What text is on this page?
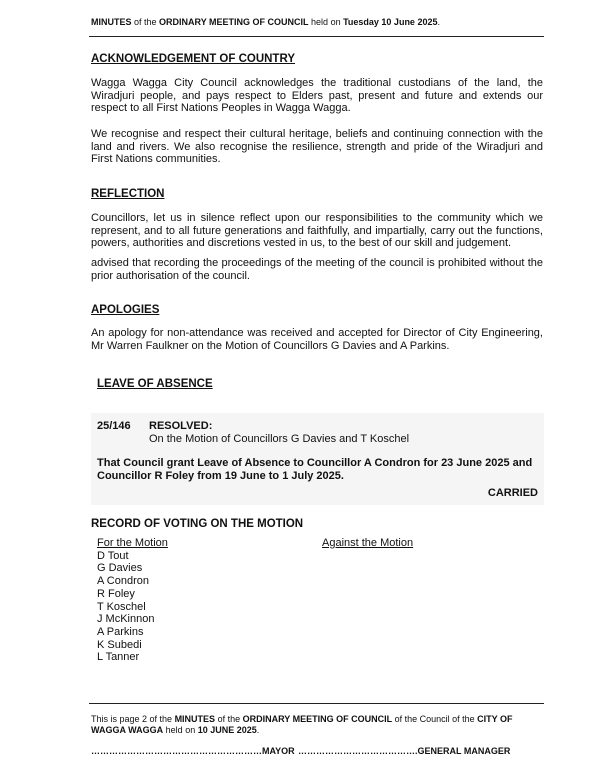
MINUTES of the ORDINARY MEETING OF COUNCIL held on Tuesday 10 June 2025.
ACKNOWLEDGEMENT OF COUNTRY
Wagga Wagga City Council acknowledges the traditional custodians of the land, the Wiradjuri people, and pays respect to Elders past, present and future and extends our respect to all First Nations Peoples in Wagga Wagga.
We recognise and respect their cultural heritage, beliefs and continuing connection with the land and rivers. We also recognise the resilience, strength and pride of the Wiradjuri and First Nations communities.
REFLECTION
Councillors, let us in silence reflect upon our responsibilities to the community which we represent, and to all future generations and faithfully, and impartially, carry out the functions, powers, authorities and discretions vested in us, to the best of our skill and judgement.
advised that recording the proceedings of the meeting of the council is prohibited without the prior authorisation of the council.
APOLOGIES
An apology for non-attendance was received and accepted for Director of City Engineering, Mr Warren Faulkner on the Motion of Councillors G Davies and A Parkins.
LEAVE OF ABSENCE
25/146 RESOLVED:
On the Motion of Councillors G Davies and T Koschel
That Council grant Leave of Absence to Councillor A Condron for 23 June 2025 and Councillor R Foley from 19 June to 1 July 2025.
CARRIED
RECORD OF VOTING ON THE MOTION
For the Motion
D Tout
G Davies
A Condron
R Foley
T Koschel
J McKinnon
A Parkins
K Subedi
L Tanner
Against the Motion
This is page 2 of the MINUTES of the ORDINARY MEETING OF COUNCIL of the Council of the CITY OF WAGGA WAGGA held on 10 JUNE 2025.
…………………………………………………MAYOR ………………………………….GENERAL MANAGER
